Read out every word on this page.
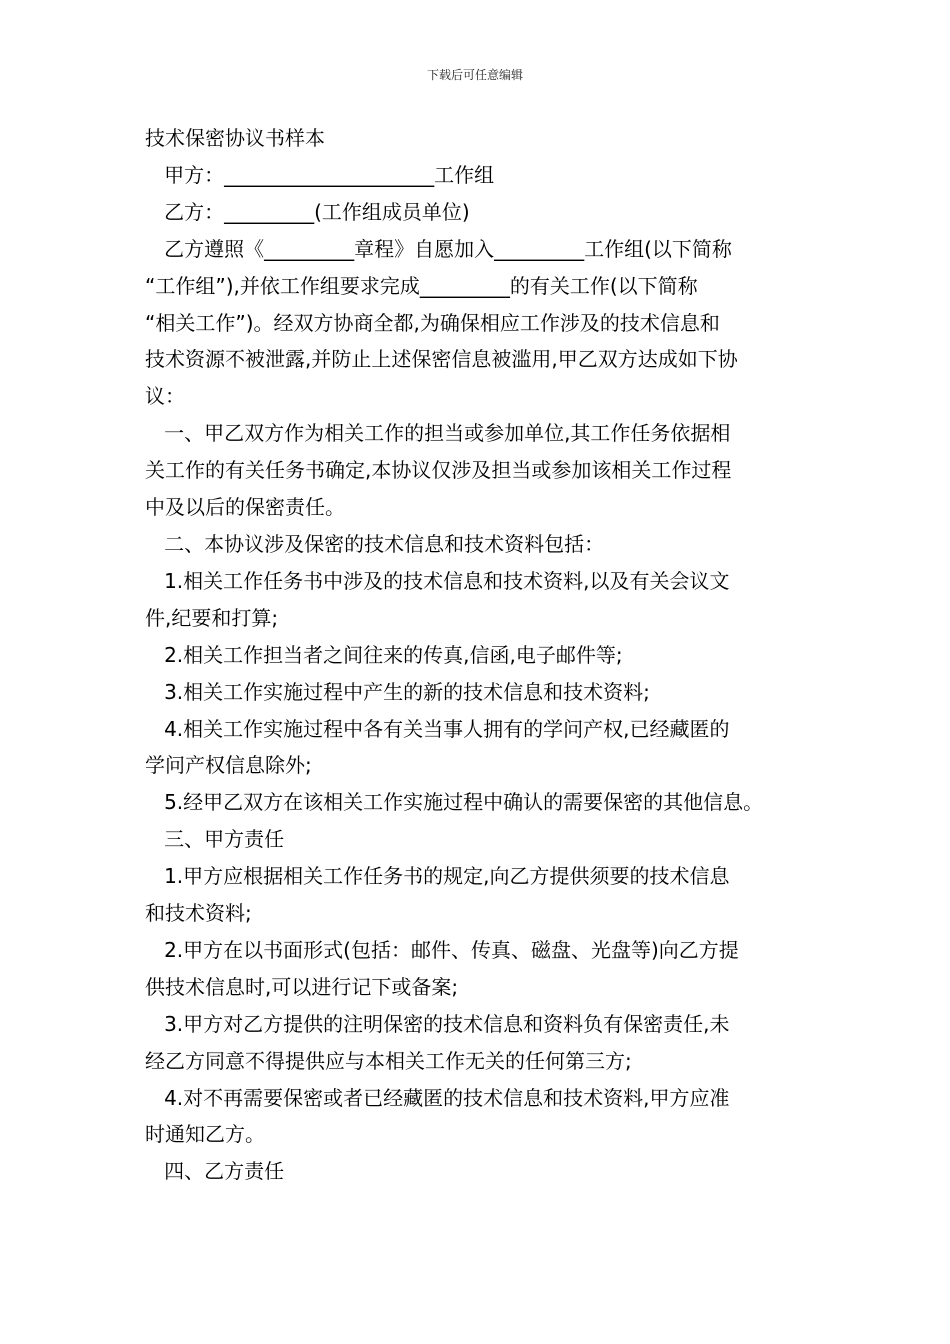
下载后可任意编辑

技术保密协议书样本

甲方：_____________________工作组

乙方：_________(工作组成员单位)

乙方遵照《_________章程》自愿加入_________工作组(以下简称

“工作组”),并依工作组要求完成_________的有关工作(以下简称

“相关工作”)。经双方协商全都,为确保相应工作涉及的技术信息和

技术资源不被泄露,并防止上述保密信息被滥用,甲乙双方达成如下协

议：

一、甲乙双方作为相关工作的担当或参加单位,其工作任务依据相

关工作的有关任务书确定,本协议仅涉及担当或参加该相关工作过程

中及以后的保密责任。

二、本协议涉及保密的技术信息和技术资料包括：

1.相关工作任务书中涉及的技术信息和技术资料,以及有关会议文

件,纪要和打算;

2.相关工作担当者之间往来的传真,信函,电子邮件等;

3.相关工作实施过程中产生的新的技术信息和技术资料;

4.相关工作实施过程中各有关当事人拥有的学问产权,已经藏匿的

学问产权信息除外;

5.经甲乙双方在该相关工作实施过程中确认的需要保密的其他信息。

三、甲方责任

1.甲方应根据相关工作任务书的规定,向乙方提供须要的技术信息

和技术资料;

2.甲方在以书面形式(包括：邮件、传真、磁盘、光盘等)向乙方提

供技术信息时,可以进行记下或备案;

3.甲方对乙方提供的注明保密的技术信息和资料负有保密责任,未

经乙方同意不得提供应与本相关工作无关的任何第三方;

4.对不再需要保密或者已经藏匿的技术信息和技术资料,甲方应准

时通知乙方。

四、乙方责任
